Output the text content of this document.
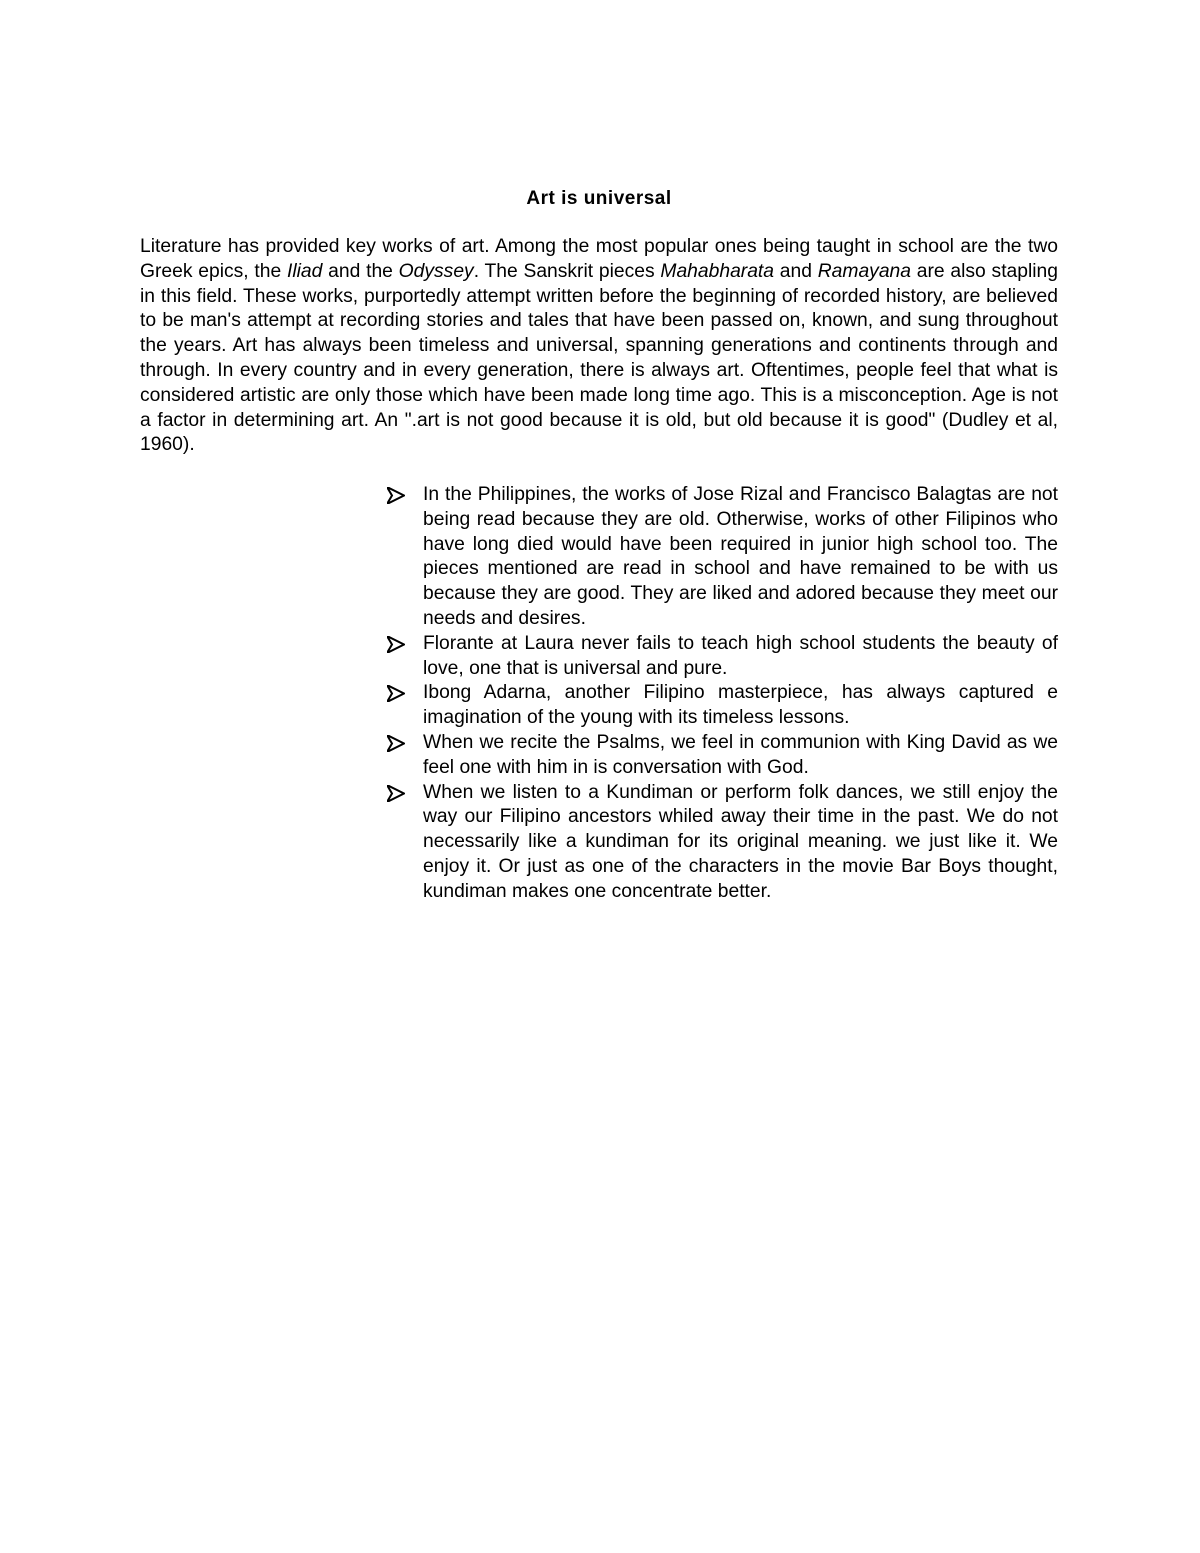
Art is universal

Literature has provided key works of art. Among the most popular ones being taught in school are the two Greek epics, the Iliad and the Odyssey. The Sanskrit pieces Mahabharata and Ramayana are also stapling in this field. These works, purportedly attempt written before the beginning of recorded history, are believed to be man's attempt at recording stories and tales that have been passed on, known, and sung throughout the years. Art has always been timeless and universal, spanning generations and continents through and through. In every country and in every generation, there is always art. Oftentimes, people feel that what is considered artistic are only those which have been made long time ago. This is a misconception. Age is not a factor in determining art. An ".art is not good because it is old, but old because it is good" (Dudley et al, 1960).

In the Philippines, the works of Jose Rizal and Francisco Balagtas are not being read because they are old. Otherwise, works of other Filipinos who have long died would have been required in junior high school too. The pieces mentioned are read in school and have remained to be with us because they are good. They are liked and adored because they meet our needs and desires.
Florante at Laura never fails to teach high school students the beauty of love, one that is universal and pure.
Ibong Adarna, another Filipino masterpiece, has always captured e imagination of the young with its timeless lessons.
When we recite the Psalms, we feel in communion with King David as we feel one with him in is conversation with God.
When we listen to a Kundiman or perform folk dances, we still enjoy the way our Filipino ancestors whiled away their time in the past. We do not necessarily like a kundiman for its original meaning. we just like it. We enjoy it. Or just as one of the characters in the movie Bar Boys thought, kundiman makes one concentrate better.
